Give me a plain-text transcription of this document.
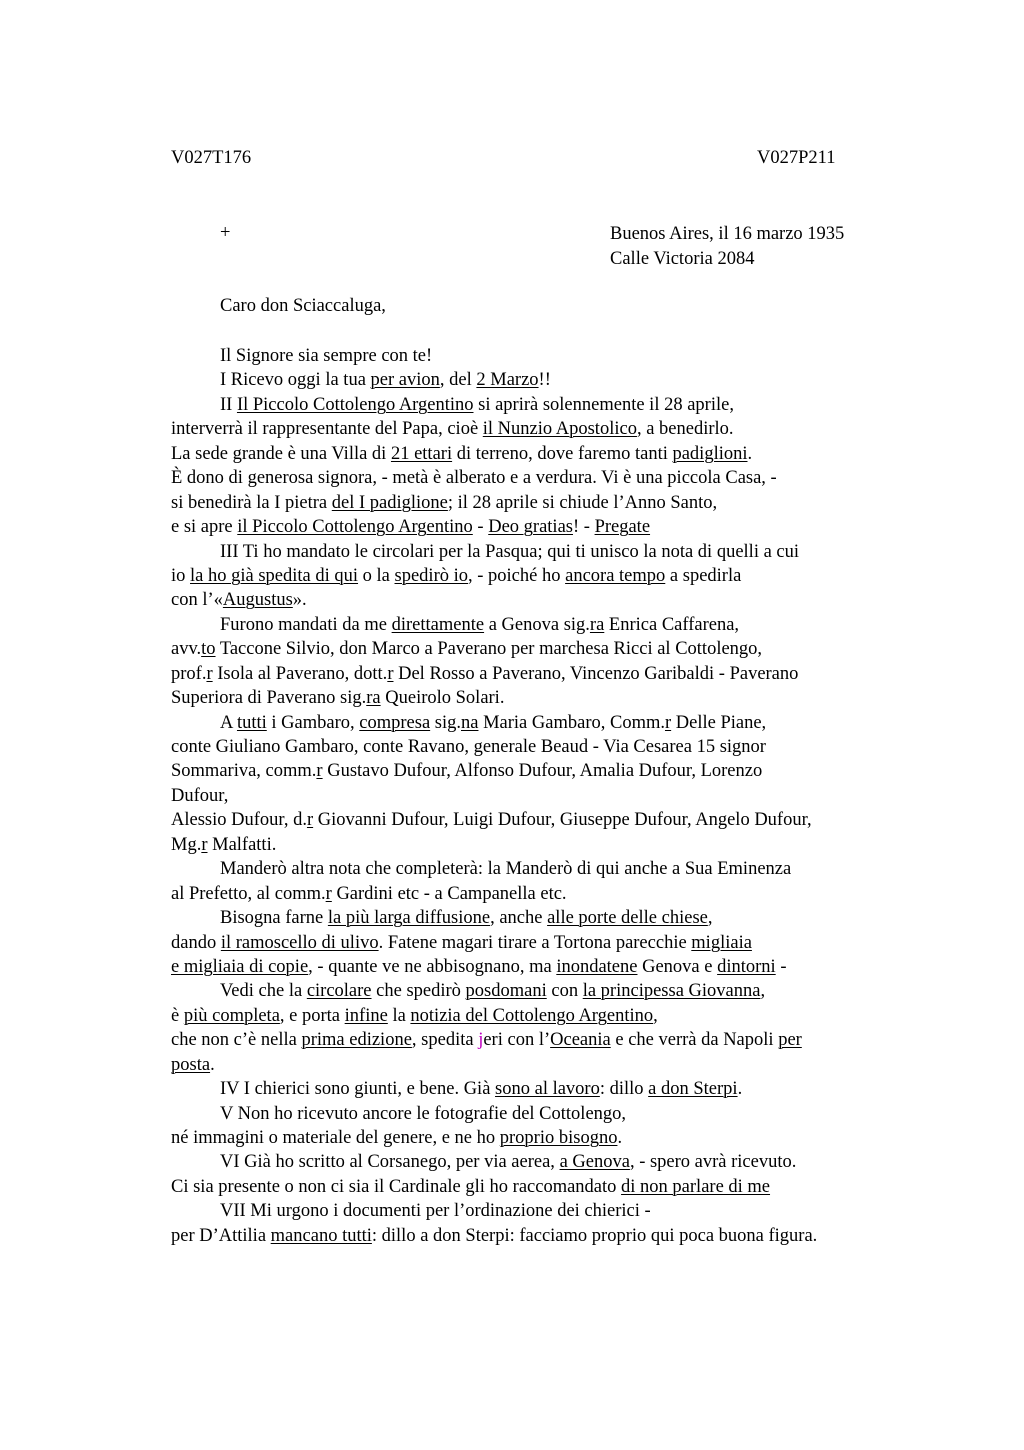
V027T176	V027P211
+	Buenos Aires, il 16 marzo 1935
Calle Victoria 2084
Caro don Sciaccaluga,
Il Signore sia sempre con te!
I Ricevo oggi la tua per avion, del 2 Marzo!!
II Il Piccolo Cottolengo Argentino si aprirà solennemente il 28 aprile,
interverrà il rappresentante del Papa, cioè il Nunzio Apostolico, a benedirlo.
La sede grande è una Villa di 21 ettari di terreno, dove faremo tanti padiglioni.
È dono di generosa signora, - metà è alberato e a verdura. Vi è una piccola Casa, -
si benedirà la I pietra del I padiglione; il 28 aprile si chiude l’Anno Santo,
e si apre il Piccolo Cottolengo Argentino - Deo gratias! - Pregate
III Ti ho mandato le circolari per la Pasqua; qui ti unisco la nota di quelli a cui
io la ho già spedita di qui o la spedirò io, - poiché ho ancora tempo a spedirla
con l’«Augustus».
Furono mandati da me direttamente a Genova sig.ra Enrica Caffarena,
avv.to Taccone Silvio, don Marco a Paverano per marchesa Ricci al Cottolengo,
prof.r Isola al Paverano, dott.r Del Rosso a Paverano, Vincenzo Garibaldi - Paverano
Superiora di Paverano sig.ra Queirolo Solari.
A tutti i Gambaro, compresa sig.na Maria Gambaro, Comm.r Delle Piane,
conte Giuliano Gambaro, conte Ravano, generale Beaud - Via Cesarea 15 signor
Sommariva, comm.r Gustavo Dufour, Alfonso Dufour, Amalia Dufour, Lorenzo
Dufour,
Alessio Dufour, d.r Giovanni Dufour, Luigi Dufour, Giuseppe Dufour, Angelo Dufour,
Mg.r Malfatti.
Manderò altra nota che completerà: la Manderò di qui anche a Sua Eminenza
al Prefetto, al comm.r Gardini etc - a Campanella etc.
Bisogna farne la più larga diffusione, anche alle porte delle chiese,
dando il ramoscello di ulivo. Fatene magari tirare a Tortona parecchie migliaia
e migliaia di copie, - quante ve ne abbisognano, ma inondatene Genova e dintorni -
Vedi che la circolare che spedirò posdomani con la principessa Giovanna,
è più completa, e porta infine la notizia del Cottolengo Argentino,
che non c’è nella prima edizione, spedita jeri con l’Oceania e che verrà da Napoli per
posta.
IV I chierici sono giunti, e bene. Già sono al lavoro: dillo a don Sterpi.
V Non ho ricevuto ancore le fotografie del Cottolengo,
né immagini o materiale del genere, e ne ho proprio bisogno.
VI Già ho scritto al Corsanego, per via aerea, a Genova, - spero avrà ricevuto.
Ci sia presente o non ci sia il Cardinale gli ho raccomandato di non parlare di me
VII Mi urgono i documenti per l’ordinazione dei chierici -
per D’Attilia mancano tutti: dillo a don Sterpi: facciamo proprio qui poca buona figura.
